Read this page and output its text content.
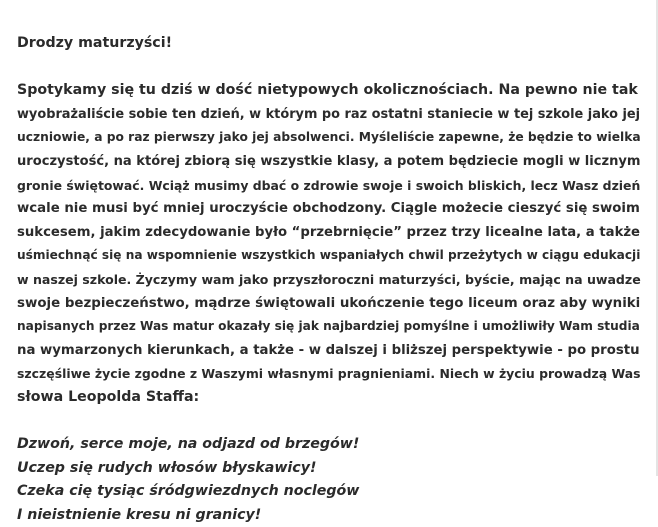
Drodzy maturzyści!

Spotykamy się tu dziś w dość nietypowych okolicznościach. Na pewno nie tak
wyobrażaliście sobie ten dzień, w którym po raz ostatni staniecie w tej szkole jako jej
uczniowie, a po raz pierwszy jako jej absolwenci. Myśleliście zapewne, że będzie to wielka
uroczystość, na której zbiorą się wszystkie klasy, a potem będziecie mogli w licznym
gronie świętować. Wciąż musimy dbać o zdrowie swoje i swoich bliskich, lecz Wasz dzień
wcale nie musi być mniej uroczyście obchodzony. Ciągle możecie cieszyć się swoim
sukcesem, jakim zdecydowanie było “przebrnięcie” przez trzy licealne lata, a także
uśmiechnąć się na wspomnienie wszystkich wspaniałych chwil przeżytych w ciągu edukacji
w naszej szkole. Życzymy wam jako przyszłoroczni maturzyści, byście, mając na uwadze
swoje bezpieczeństwo, mądrze świętowali ukończenie tego liceum oraz aby wyniki
napisanych przez Was matur okazały się jak najbardziej pomyślne i umożliwiły Wam studia
na wymarzonych kierunkach, a także - w dalszej i bliższej perspektywie - po prostu
szczęśliwe życie zgodne z Waszymi własnymi pragnieniami. Niech w życiu prowadzą Was
słowa Leopolda Staffa:
Dzwoń, serce moje, na odjazd od brzegów!
Uczep się rudych włosów błyskawicy!
Czeka cię tysiąc śródgwiezdnych noclegów
I nieistnienie kresu ni granicy!
